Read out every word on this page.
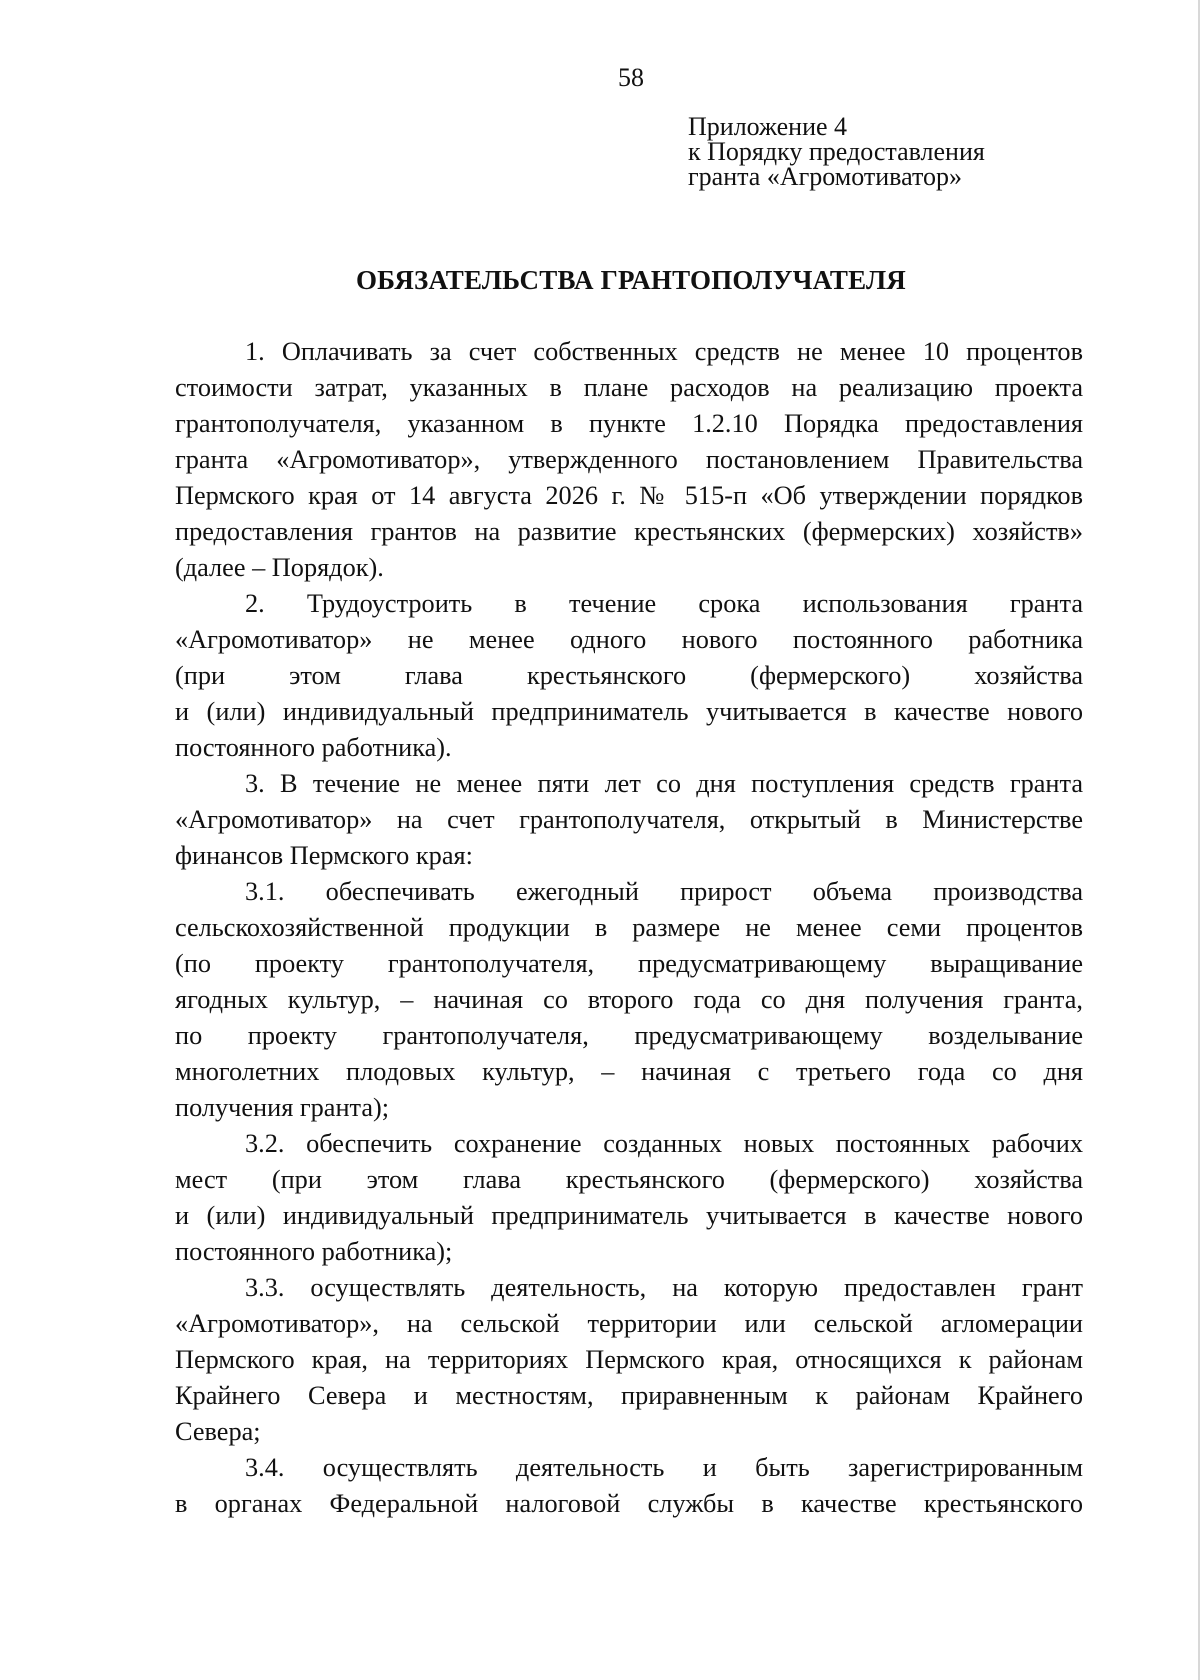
58
Приложение 4
к Порядку предоставления
гранта «Агромотиватор»
ОБЯЗАТЕЛЬСТВА ГРАНТОПОЛУЧАТЕЛЯ
1. Оплачивать за счет собственных средств не менее 10 процентов
стоимости затрат, указанных в плане расходов на реализацию проекта
грантополучателя, указанном в пункте 1.2.10 Порядка предоставления
гранта «Агромотиватор», утвержденного постановлением Правительства
Пермского края от 14 августа 2026 г. № 515-п «Об утверждении порядков
предоставления грантов на развитие крестьянских (фермерских) хозяйств»
(далее – Порядок).
2. Трудоустроить в течение срока использования гранта
«Агромотиватор» не менее одного нового постоянного работника
(при этом глава крестьянского (фермерского) хозяйства
и (или) индивидуальный предприниматель учитывается в качестве нового
постоянного работника).
3. В течение не менее пяти лет со дня поступления средств гранта
«Агромотиватор» на счет грантополучателя, открытый в Министерстве
финансов Пермского края:
3.1. обеспечивать ежегодный прирост объема производства
сельскохозяйственной продукции в размере не менее семи процентов
(по проекту грантополучателя, предусматривающему выращивание
ягодных культур, – начиная со второго года со дня получения гранта,
по проекту грантополучателя, предусматривающему возделывание
многолетних плодовых культур, – начиная с третьего года со дня
получения гранта);
3.2. обеспечить сохранение созданных новых постоянных рабочих
мест (при этом глава крестьянского (фермерского) хозяйства
и (или) индивидуальный предприниматель учитывается в качестве нового
постоянного работника);
3.3. осуществлять деятельность, на которую предоставлен грант
«Агромотиватор», на сельской территории или сельской агломерации
Пермского края, на территориях Пермского края, относящихся к районам
Крайнего Севера и местностям, приравненным к районам Крайнего
Севера;
3.4. осуществлять деятельность и быть зарегистрированным
в органах Федеральной налоговой службы в качестве крестьянского
